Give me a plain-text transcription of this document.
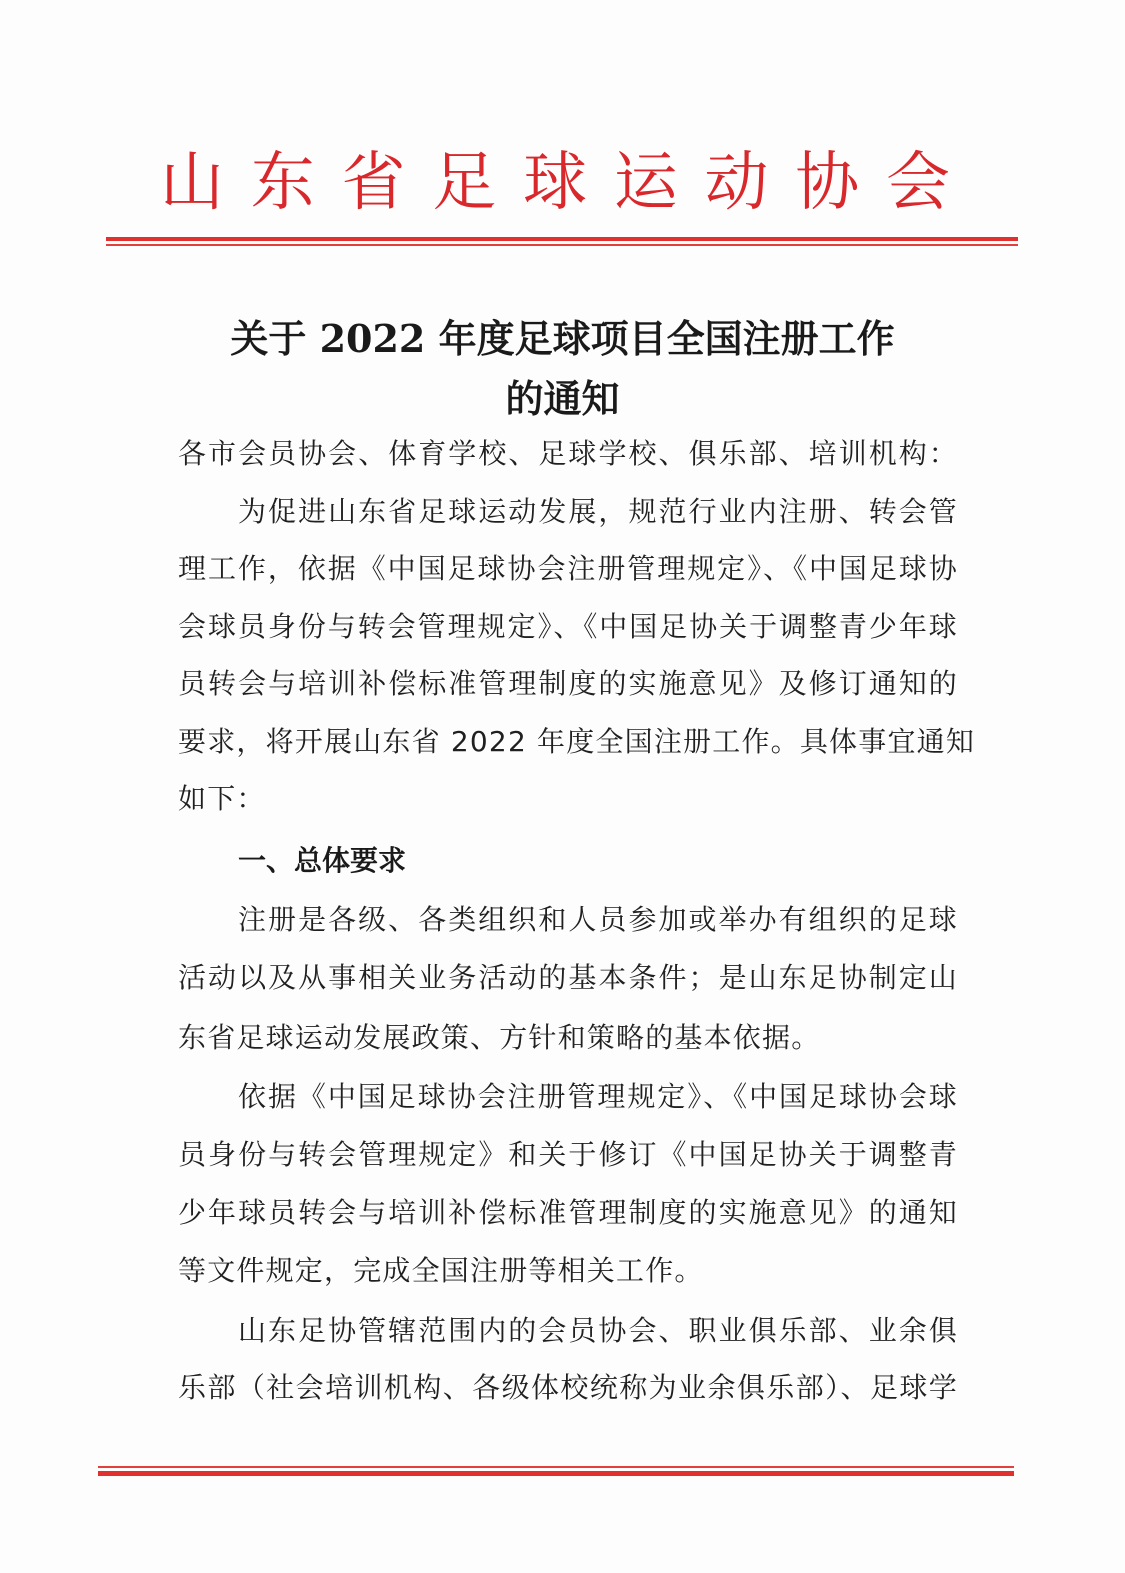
山 东 省 足 球 运 动 协 会
关于 2022 年度足球项目全国注册工作
的通知
各市会员协会、体育学校、足球学校、俱乐部、培训机构：
为促进山东省足球运动发展，规范行业内注册、转会管
理工作，依据《中国足球协会注册管理规定》、《中国足球协
会球员身份与转会管理规定》、《中国足协关于调整青少年球
员转会与培训补偿标准管理制度的实施意见》及修订通知的
要求，将开展山东省 2022 年度全国注册工作。具体事宜通知
如下：
一、总体要求
注册是各级、各类组织和人员参加或举办有组织的足球
活动以及从事相关业务活动的基本条件；是山东足协制定山
东省足球运动发展政策、方针和策略的基本依据。
依据《中国足球协会注册管理规定》、《中国足球协会球
员身份与转会管理规定》和关于修订《中国足协关于调整青
少年球员转会与培训补偿标准管理制度的实施意见》的通知
等文件规定，完成全国注册等相关工作。
山东足协管辖范围内的会员协会、职业俱乐部、业余俱
乐部（社会培训机构、各级体校统称为业余俱乐部）、足球学
